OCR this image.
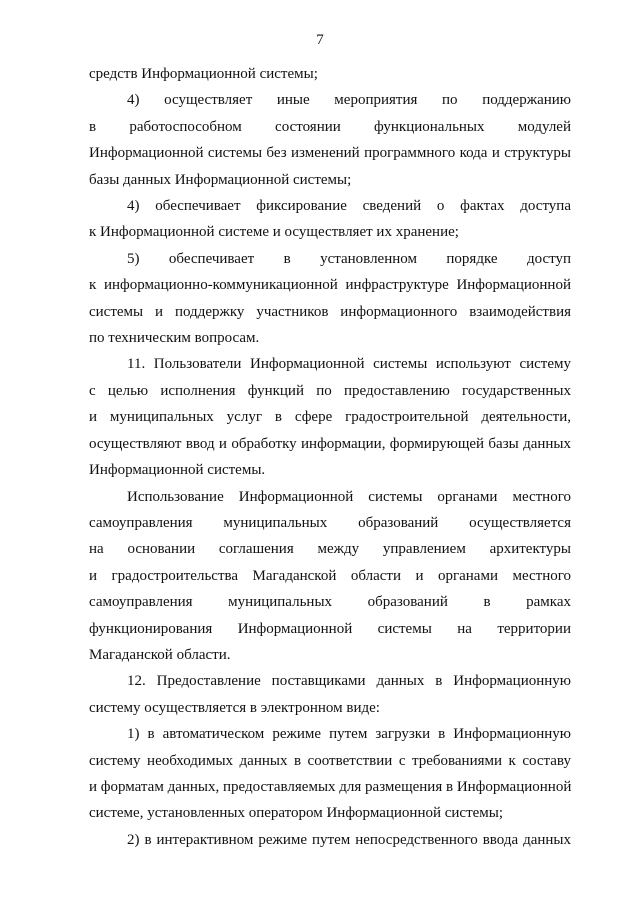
7

средств Информационной системы;

4) осуществляет иные мероприятия по поддержанию
в работоспособном состоянии функциональных модулей
Информационной системы без изменений программного кода и структуры
базы данных Информационной системы;

4) обеспечивает фиксирование сведений о фактах доступа
к Информационной системе и осуществляет их хранение;

5) обеспечивает в установленном порядке доступ
к информационно-коммуникационной инфраструктуре Информационной
системы и поддержку участников информационного взаимодействия
по техническим вопросам.

11. Пользователи Информационной системы используют систему
с целью исполнения функций по предоставлению государственных
и муниципальных услуг в сфере градостроительной деятельности,
осуществляют ввод и обработку информации, формирующей базы данных
Информационной системы.

Использование Информационной системы органами местного
самоуправления муниципальных образований осуществляется
на основании соглашения между управлением архитектуры
и градостроительства Магаданской области и органами местного
самоуправления муниципальных образований в рамках
функционирования Информационной системы на территории
Магаданской области.

12. Предоставление поставщиками данных в Информационную
систему осуществляется в электронном виде:

1) в автоматическом режиме путем загрузки в Информационную
систему необходимых данных в соответствии с требованиями к составу
и форматам данных, предоставляемых для размещения в Информационной
системе, установленных оператором Информационной системы;

2) в интерактивном режиме путем непосредственного ввода данных
